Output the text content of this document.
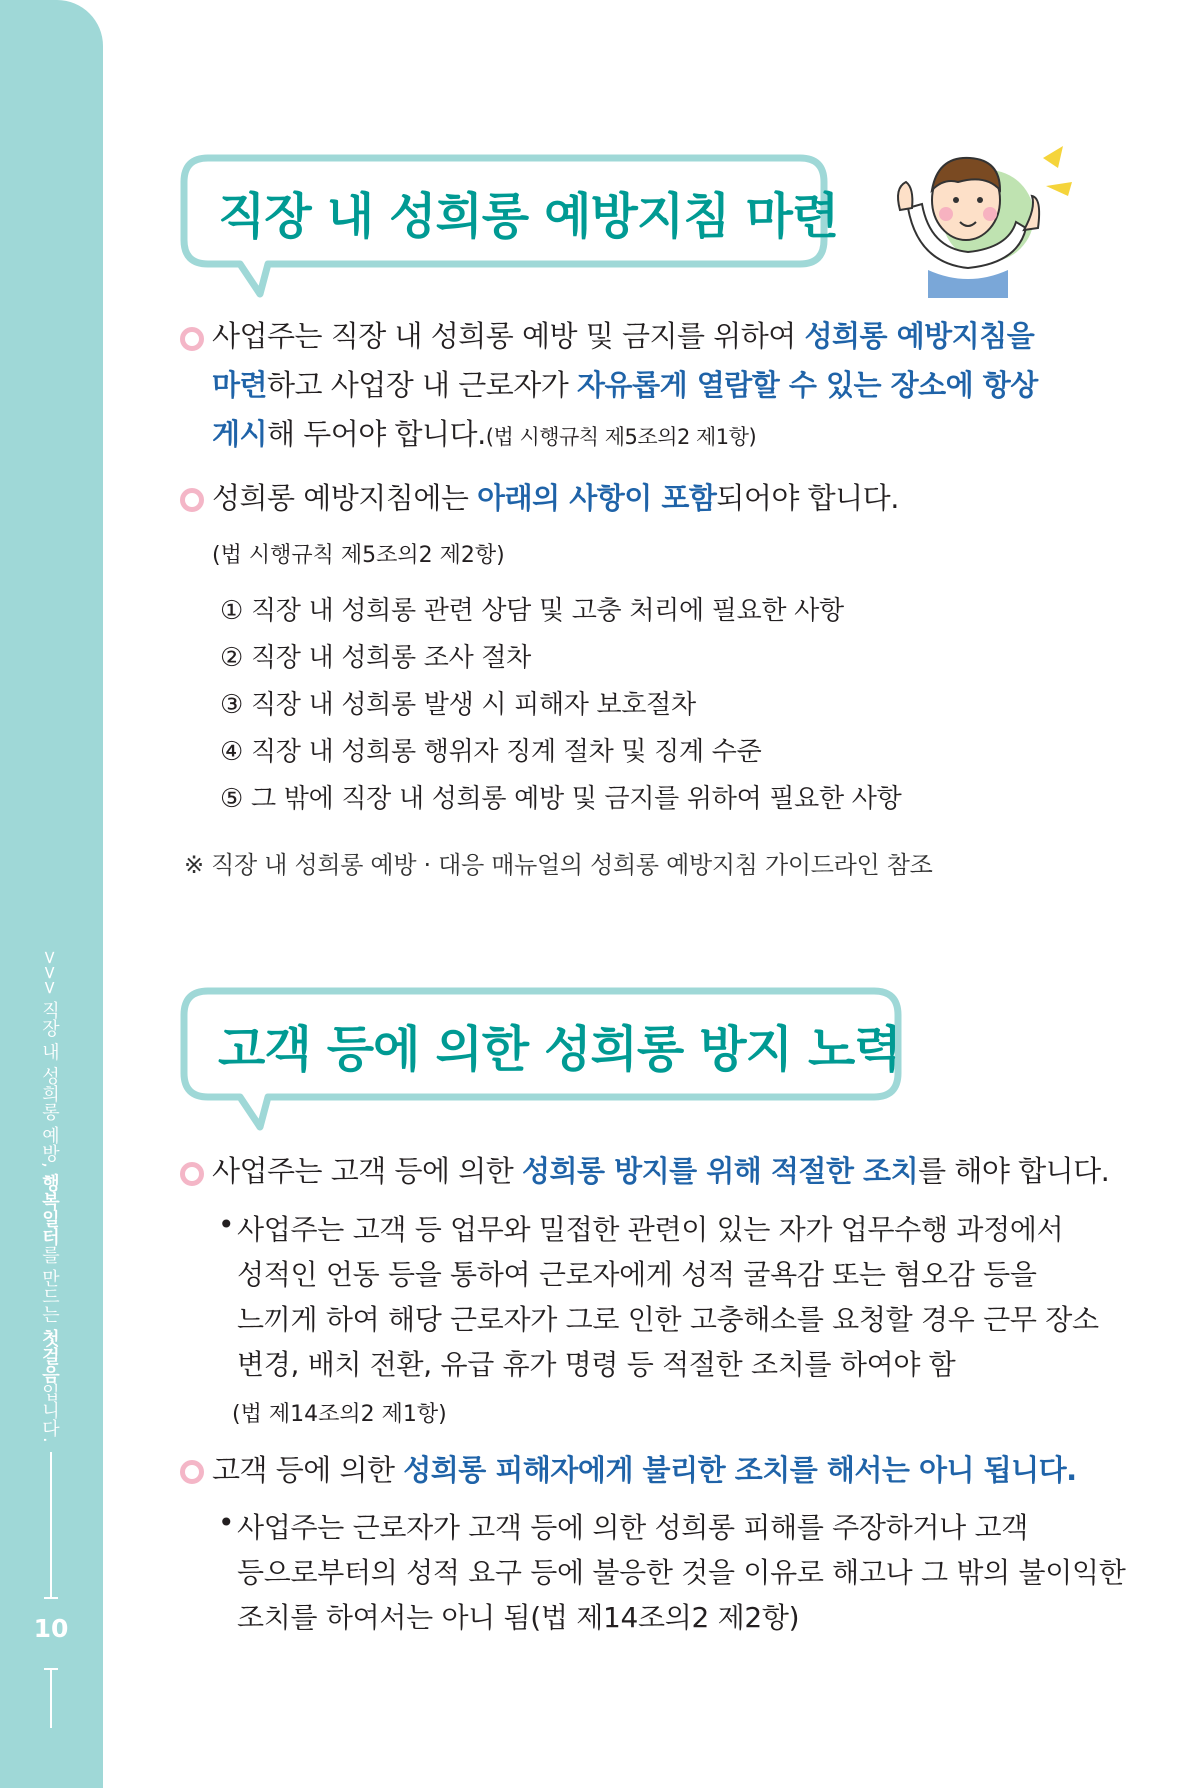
>>> 직장 내 성희롱 예방, 행복일터를 만드는 첫걸음입니다.
10
직장 내 성희롱 예방지침 마련
사업주는 직장 내 성희롱 예방 및 금지를 위하여 성희롱 예방지침을
마련하고 사업장 내 근로자가 자유롭게 열람할 수 있는 장소에 항상
게시해 두어야 합니다.(법 시행규칙 제5조의2 제1항)
성희롱 예방지침에는 아래의 사항이 포함되어야 합니다.
(법 시행규칙 제5조의2 제2항)
① 직장 내 성희롱 관련 상담 및 고충 처리에 필요한 사항
② 직장 내 성희롱 조사 절차
③ 직장 내 성희롱 발생 시 피해자 보호절차
④ 직장 내 성희롱 행위자 징계 절차 및 징계 수준
⑤ 그 밖에 직장 내 성희롱 예방 및 금지를 위하여 필요한 사항
※ 직장 내 성희롱 예방 · 대응 매뉴얼의 성희롱 예방지침 가이드라인 참조
고객 등에 의한 성희롱 방지 노력
사업주는 고객 등에 의한 성희롱 방지를 위해 적절한 조치를 해야 합니다.
• 사업주는 고객 등 업무와 밀접한 관련이 있는 자가 업무수행 과정에서
성적인 언동 등을 통하여 근로자에게 성적 굴욕감 또는 혐오감 등을
느끼게 하여 해당 근로자가 그로 인한 고충해소를 요청할 경우 근무 장소
변경, 배치 전환, 유급 휴가 명령 등 적절한 조치를 하여야 함
(법 제14조의2 제1항)
고객 등에 의한 성희롱 피해자에게 불리한 조치를 해서는 아니 됩니다.
• 사업주는 근로자가 고객 등에 의한 성희롱 피해를 주장하거나 고객
등으로부터의 성적 요구 등에 불응한 것을 이유로 해고나 그 밖의 불이익한
조치를 하여서는 아니 됨(법 제14조의2 제2항)
